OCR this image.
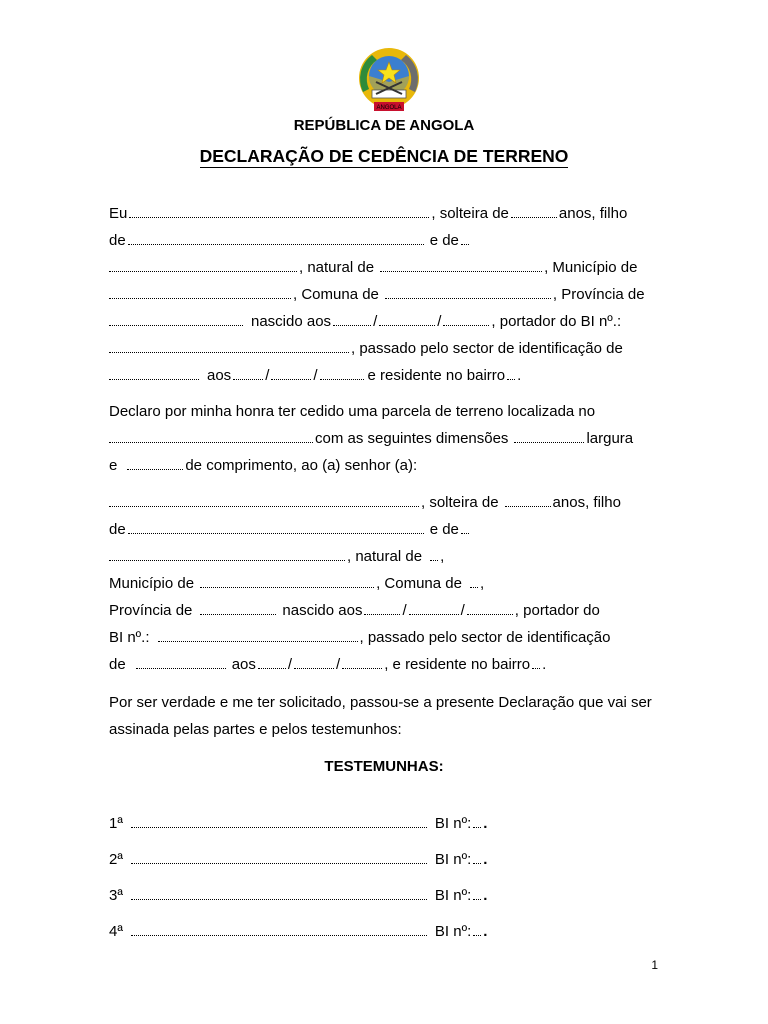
ANGOLA
REPÚBLICA DE ANGOLA
DECLARAÇÃO DE CEDÊNCIA DE TERRENO
Eu	, solteira de	anos, filho
de	e de
, natural de	, Município de
, Comuna de	, Província de
nascido aos	/	/	, portador do BI nº.:
, passado pelo sector de identificação de
aos /	/	e residente no bairro .
Declaro por minha honra ter cedido uma parcela de terreno localizada no
com as seguintes dimensões	largura
e	de comprimento, ao (a) senhor (a):
, solteira de	anos, filho
de	e de
, natural de ,
Município de	, Comuna de ,
Província de	nascido aos	/	/	, portador do
BI nº.:	, passado pelo sector de identificação
de	aos /	/	, e residente no bairro .
Por ser verdade e me ter solicitado, passou-se a presente Declaração que vai ser assinada pelas partes e pelos testemunhos:
TESTEMUNHAS:
1ª	BI nº: .
2ª	BI nº: .
3ª	BI nº: .
4ª	BI nº: .
1
